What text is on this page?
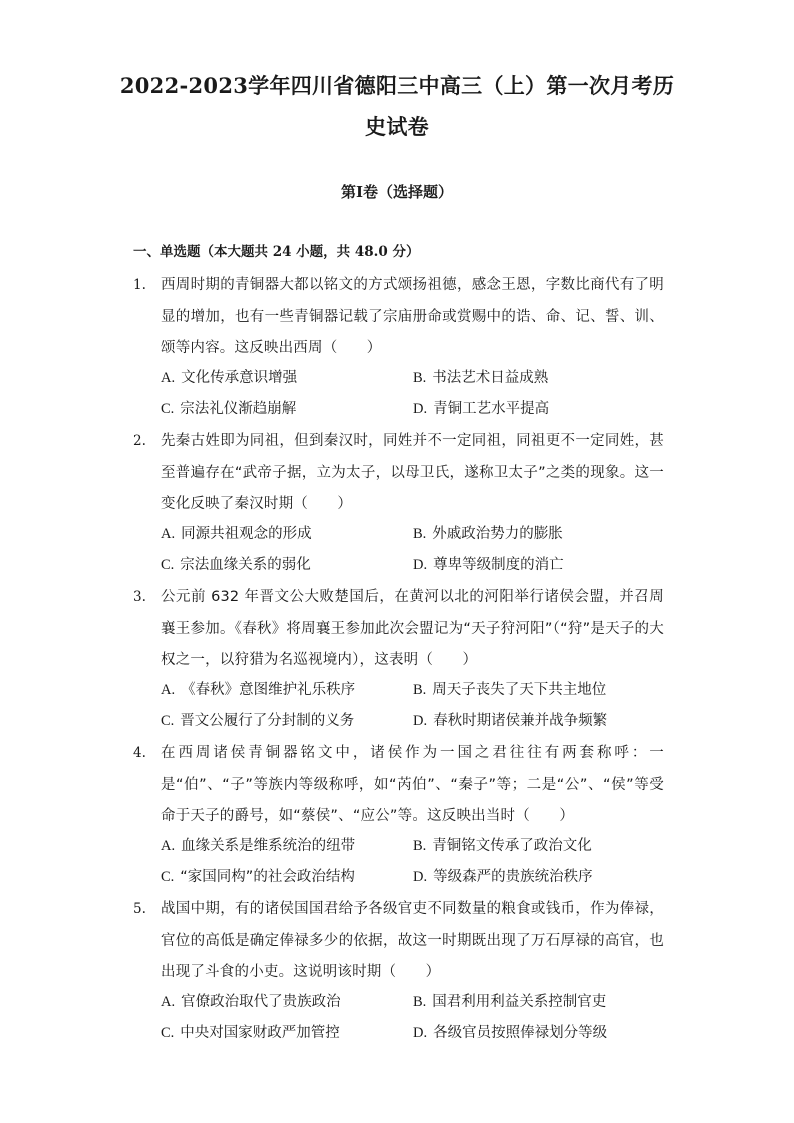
2022-2023学年四川省德阳三中高三（上）第一次月考历
史试卷
第Ⅰ卷（选择题）
一、单选题（本大题共 24 小题，共 48.0 分）
1.	西周时期的青铜器大都以铭文的方式颂扬祖德，感念王恩，字数比商代有了明显的增加，也有一些青铜器记载了宗庙册命或赏赐中的诰、命、记、誓、训、颂等内容。这反映出西周（　　）
A. 文化传承意识增强	B. 书法艺术日益成熟
C. 宗法礼仪渐趋崩解	D. 青铜工艺水平提高
2.	先秦古姓即为同祖，但到秦汉时，同姓并不一定同祖，同祖更不一定同姓，甚至普遍存在“武帝子据，立为太子，以母卫氏，遂称卫太子”之类的现象。这一变化反映了秦汉时期（　　）
A. 同源共祖观念的形成	B. 外戚政治势力的膨胀
C. 宗法血缘关系的弱化	D. 尊卑等级制度的消亡
3.	公元前 632 年晋文公大败楚国后，在黄河以北的河阳举行诸侯会盟，并召周襄王参加。《春秋》将周襄王参加此次会盟记为“天子狩河阳”（“狩”是天子的大权之一，以狩猎为名巡视境内），这表明（　　）
A. 《春秋》意图维护礼乐秩序	B. 周天子丧失了天下共主地位
C. 晋文公履行了分封制的义务	D. 春秋时期诸侯兼并战争频繁
4.	在西周诸侯青铜器铭文中，诸侯作为一国之君往往有两套称呼：一是“伯”、“子”等族内等级称呼，如“芮伯”、“秦子”等；二是“公”、“侯”等受命于天子的爵号，如“蔡侯”、“应公”等。这反映出当时（　　）
A. 血缘关系是维系统治的纽带	B. 青铜铭文传承了政治文化
C. “家国同构”的社会政治结构	D. 等级森严的贵族统治秩序
5.	战国中期，有的诸侯国国君给予各级官吏不同数量的粮食或钱币，作为俸禄，官位的高低是确定俸禄多少的依据，故这一时期既出现了万石厚禄的高官，也出现了斗食的小吏。这说明该时期（　　）
A. 官僚政治取代了贵族政治	B. 国君利用利益关系控制官吏
C. 中央对国家财政严加管控	D. 各级官员按照俸禄划分等级
